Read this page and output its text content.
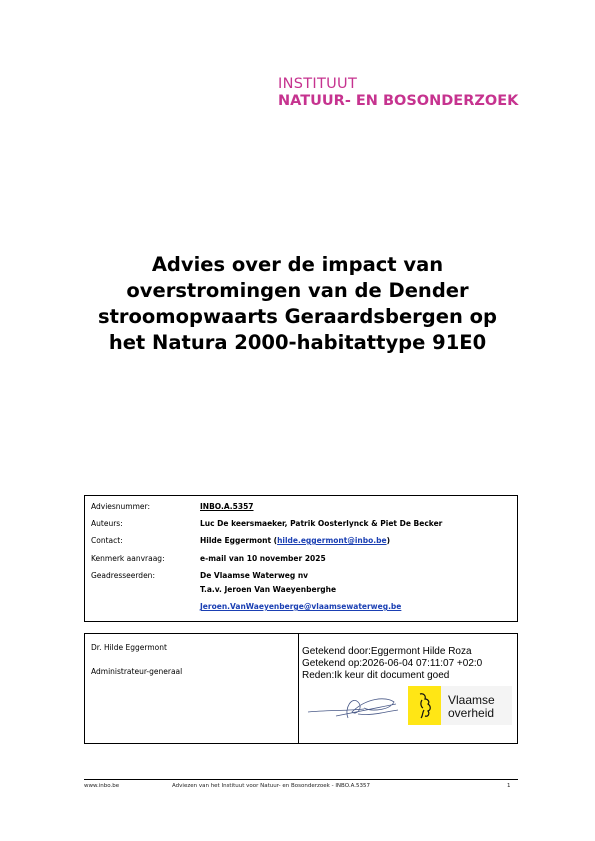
INSTITUUT
NATUUR- EN BOSONDERZOEK
Advies over de impact van
overstromingen van de Dender
stroomopwaarts Geraardsbergen op
het Natura 2000-habitattype 91E0
Adviesnummer:	INBO.A.5357
Auteurs:	Luc De keersmaeker, Patrik Oosterlynck & Piet De Becker
Contact:	Hilde Eggermont (hilde.eggermont@inbo.be)
Kenmerk aanvraag:	e-mail van 10 november 2025
Geadresseerden:	De Vlaamse Waterweg nv
T.a.v. Jeroen Van Waeyenberghe
Jeroen.VanWaeyenberge@vlaamsewaterweg.be
Dr. Hilde Eggermont
Administrateur-generaal
Getekend door:Eggermont Hilde Roza
Getekend op:2026-06-04 07:11:07 +02:0
Reden:Ik keur dit document goed
Vlaamse
overheid
www.inbo.be	Adviezen van het Instituut voor Natuur- en Bosonderzoek - INBO.A.5357	1
